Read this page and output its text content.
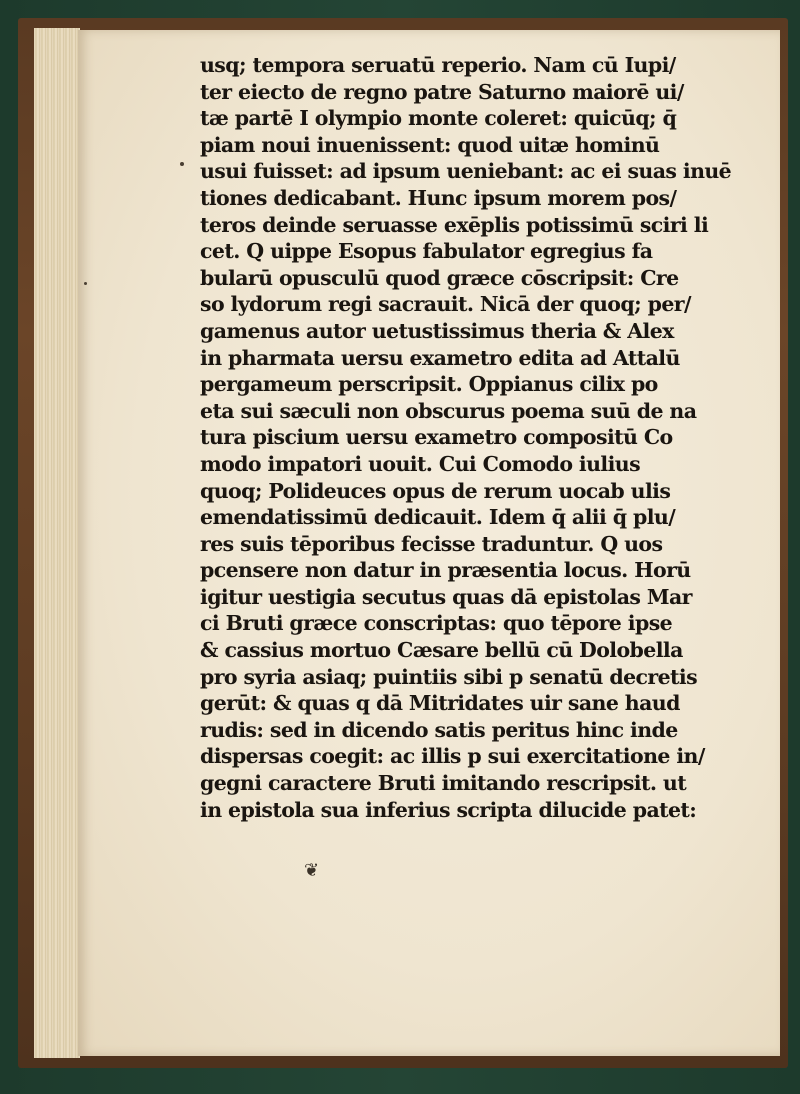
usq; tempora seruatū reperio. Nam cū Iupi/
ter eiecto de regno patre Saturno maiorē ui/
tæ partē I olympio monte coleret: quicūq; q̄
piam noui inuenissent: quod uitæ hominū
usui fuisset: ad ipsum ueniebant: ac ei suas inuē
tiones dedicabant. Hunc ipsum morem pos/
teros deinde seruasse exēplis potissimū sciri li
cet. Q uippe Esopus fabulator egregius fa
bularū opusculū quod græce cōscripsit: Cre
so lydorum regi sacrauit. Nicā der quoq; per/
gamenus autor uetustissimus theria & Alex
in pharmata uersu exametro edita ad Attalū
pergameum perscripsit. Oppianus cilix po
eta sui sæculi non obscurus poema suū de na
tura piscium uersu exametro compositū Co
modo impatori uouit. Cui Comodo iulius
quoq; Polideuces opus de rerum uocab ulis
emendatissimū dedicauit. Idem q̄ alii q̄ plu/
res suis tēporibus fecisse traduntur. Q uos
pcensere non datur in præsentia locus. Horū
igitur uestigia secutus quas dā epistolas Mar
ci Bruti græce conscriptas: quo tēpore ipse
& cassius mortuo Cæsare bellū cū Dolobella
pro syria asiaq; puintiis sibi p senatū decretis
gerūt: & quas q dā Mitridates uir sane haud
rudis: sed in dicendo satis peritus hinc inde
dispersas coegit: ac illis p sui exercitatione in/
gegni caractere Bruti imitando rescripsit. ut
in epistola sua inferius scripta dilucide patet:
❦
